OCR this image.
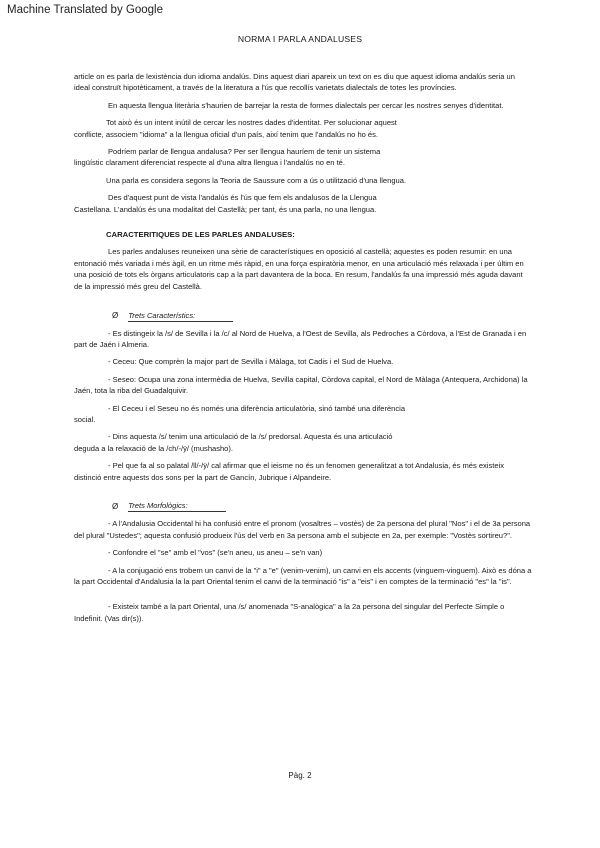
Machine Translated by Google
NORMA I PARLA ANDALUSES

article on es parla de lexistència dun idioma andalús. Dins aquest diari apareix un text on es diu que aquest idioma andalús seria un ideal construït hipotèticament, a través de la literatura a l'ús que recollís varietats dialectals de totes les províncies.

En aquesta llengua literària s'haurien de barrejar la resta de formes dialectals per cercar les nostres senyes d'identitat.

Tot això és un intent inútil de cercar les nostres dades d'identitat. Per solucionar aquest
conflicte, associem "idioma" a la llengua oficial d'un país, així tenim que l'andalús no ho és.

Podríem parlar de llengua andalusa? Per ser llengua hauríem de tenir un sistema
lingüístic clarament diferenciat respecte al d'una altra llengua i l'andalús no en té.

Una parla es considera segons la Teoria de Saussure com a ús o utilització d'una llengua.

Des d'aquest punt de vista l'andalús és l'ús que fem els andalusos de la Llengua
Castellana. L'andalús és una modalitat del Castellà; per tant, és una parla, no una llengua.

CARACTERITIQUES DE LES PARLES ANDALUSES:

Les parles andaluses reuneixen una sèrie de característiques en oposició al castellà; aquestes es poden resumir: en una entonació més variada i més àgil, en un ritme més ràpid, en una força espiratòria menor, en una articulació més relaxada i per últim en una posició de tots els òrgans articulatoris cap a la part davantera de la boca. En resum, l'andalús fa una impressió més aguda davant de la impressió més greu del Castellà.

Ø Trets Característics:

- Es distingeix la /s/ de Sevilla i la /c/ al Nord de Huelva, a l'Oest de Sevilla, als Pedroches a Còrdova, a l'Est de Granada i en part de Jaén i Almeria.

- Ceceu: Que comprèn la major part de Sevilla i Màlaga, tot Cadis i el Sud de Huelva.

- Seseo: Ocupa una zona intermèdia de Huelva, Sevilla capital, Còrdova capital, el Nord de Màlaga (Antequera, Archidona) la Jaén, tota la riba del Guadalquivir.

- El Ceceu i el Seseu no és només una diferència articulatòria, sinó també una diferència
social.

- Dins aquesta /s/ tenim una articulació de la /s/ predorsal. Aquesta és una articulació
deguda a la relaxació de la /ch/-/ÿ/ (mushasho).

- Pel que fa al so palatal /ll/-/ÿ/ cal afirmar que el ieisme no és un fenomen generalitzat a tot Andalusia, és més existeix distinció entre aquests dos sons per la part de Gancín, Jubrique i Alpandeire.

Ø Trets Morfològics:

- A l'Andalusia Occidental hi ha confusió entre el pronom (vosaltres – vostès) de 2a persona del plural "Nos" i el de 3a persona del plural "Ustedes"; aquesta confusió produeix l'ús del verb en 3a persona amb el subjecte en 2a, per exemple: "Vostès sortireu?".

- Confondre el "se" amb el "vos" (se'n aneu, us aneu – se'n van)

- A la conjugació ens trobem un canvi de la "i" a "e" (venim-venim), un canvi en els accents (vinguem-vinguem). Això es dóna a la part Occidental d'Andalusia la la part Oriental tenim el canvi de la terminació "is" a "eis" i en comptes de la terminació "es" la "is".

- Existeix també a la part Oriental, una /s/ anomenada "S-analògica" a la 2a persona del singular del Perfecte Simple o Indefinit. (Vas dir(s)).

Pàg. 2
